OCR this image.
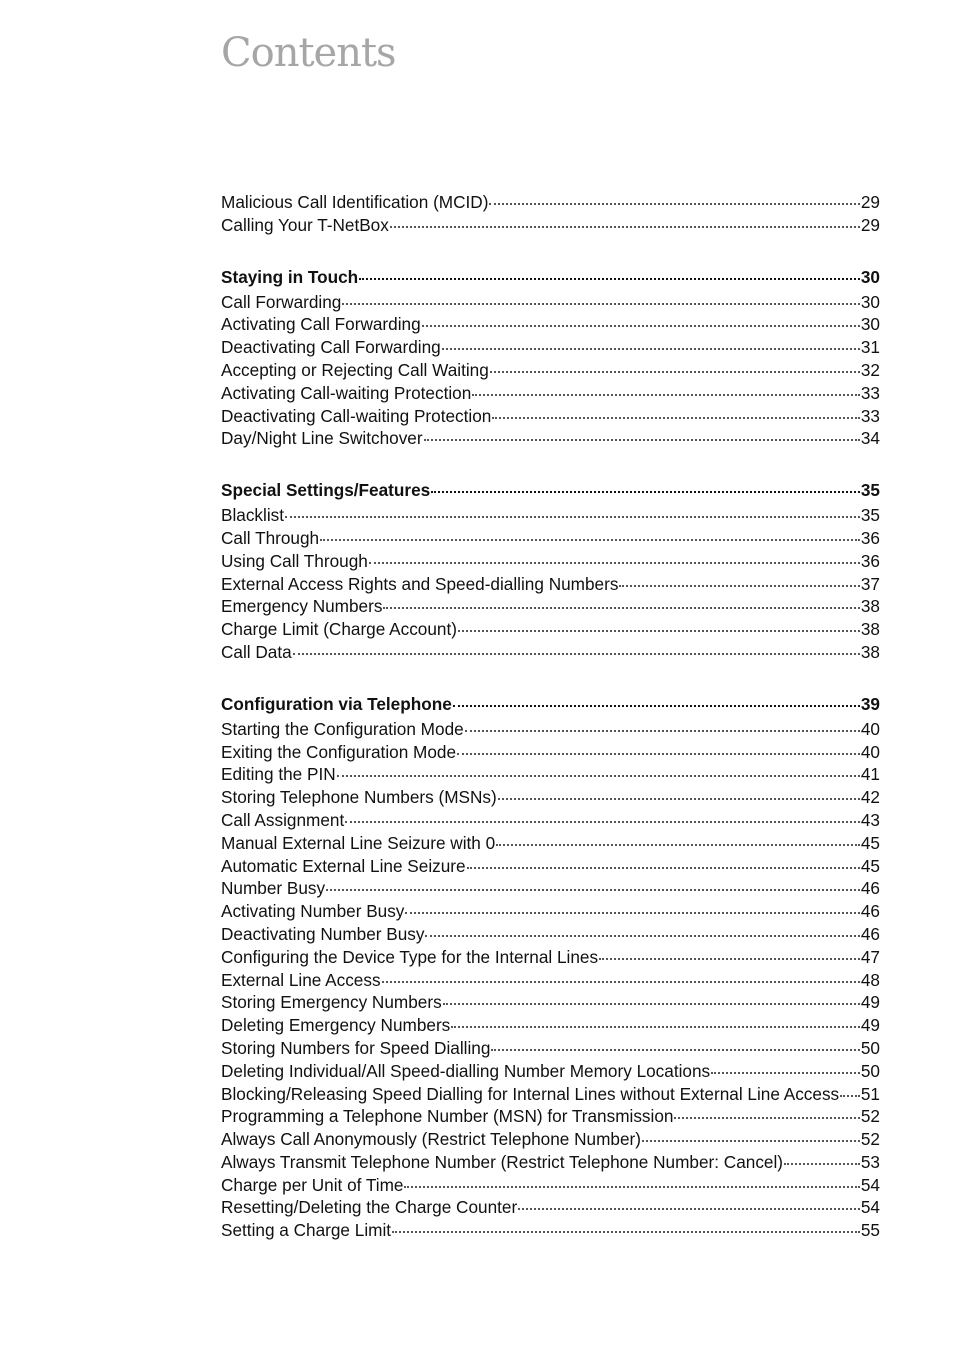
Contents
Malicious Call Identification (MCID)	29
Calling Your T-NetBox	29
Staying in Touch	30
Call Forwarding	30
Activating Call Forwarding	30
Deactivating Call Forwarding	31
Accepting or Rejecting Call Waiting	32
Activating Call-waiting Protection	33
Deactivating Call-waiting Protection	33
Day/Night Line Switchover	34
Special Settings/Features	35
Blacklist	35
Call Through	36
Using Call Through	36
External Access Rights and Speed-dialling Numbers	37
Emergency Numbers	38
Charge Limit (Charge Account)	38
Call Data	38
Configuration via Telephone	39
Starting the Configuration Mode	40
Exiting the Configuration Mode	40
Editing the PIN	41
Storing Telephone Numbers (MSNs)	42
Call Assignment	43
Manual External Line Seizure with 0	45
Automatic External Line Seizure	45
Number Busy	46
Activating Number Busy	46
Deactivating Number Busy	46
Configuring the Device Type for the Internal Lines	47
External Line Access	48
Storing Emergency Numbers	49
Deleting Emergency Numbers	49
Storing Numbers for Speed Dialling	50
Deleting Individual/All Speed-dialling Number Memory Locations	50
Blocking/Releasing Speed Dialling for Internal Lines without External Line Access 51
Programming a Telephone Number (MSN) for Transmission	52
Always Call Anonymously (Restrict Telephone Number)	52
Always Transmit Telephone Number (Restrict Telephone Number: Cancel)	53
Charge per Unit of Time	54
Resetting/Deleting the Charge Counter	54
Setting a Charge Limit	55
